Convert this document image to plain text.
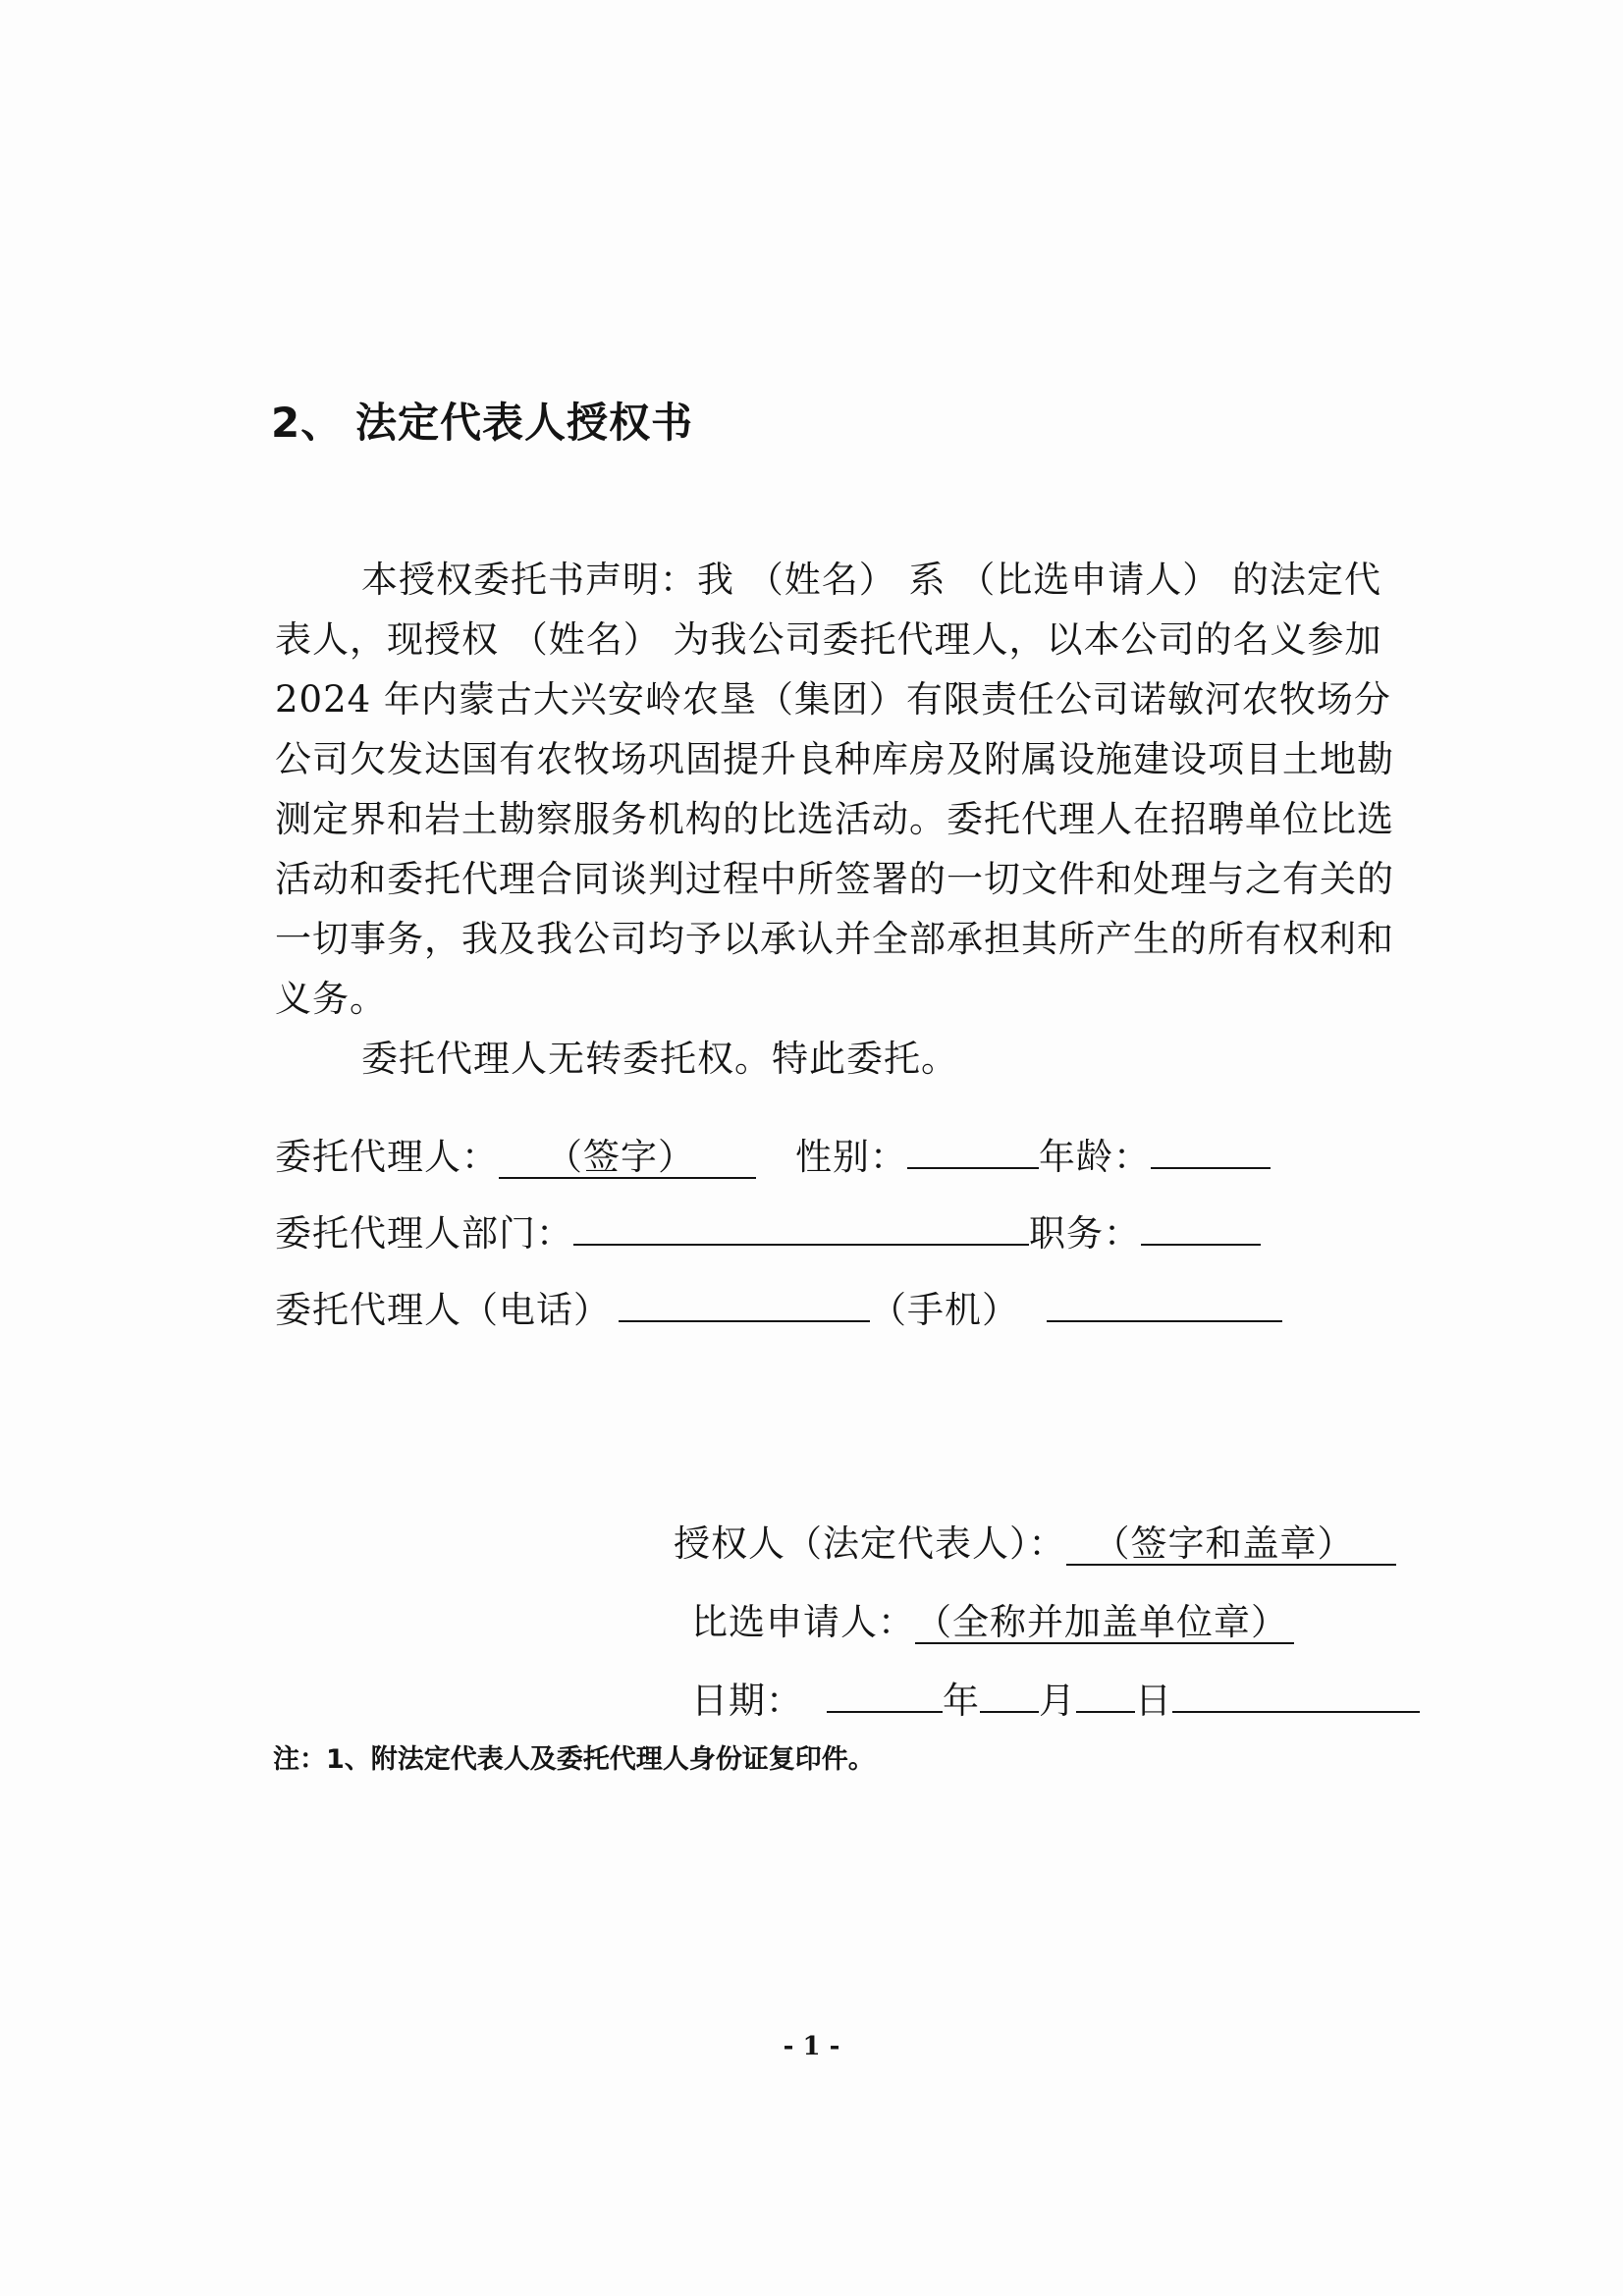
2、 法定代表人授权书

本授权委托书声明：我 （姓名） 系 （比选申请人） 的法定代表人，现授权 （姓名） 为我公司委托代理人，以本公司的名义参加 2024 年内蒙古大兴安岭农垦（集团）有限责任公司诺敏河农牧场分公司欠发达国有农牧场巩固提升良种库房及附属设施建设项目土地勘测定界和岩土勘察服务机构的比选活动。委托代理人在招聘单位比选活动和委托代理合同谈判过程中所签署的一切文件和处理与之有关的一切事务，我及我公司均予以承认并全部承担其所产生的所有权利和义务。

委托代理人无转委托权。特此委托。

委托代理人： （签字）	性别：	年龄：
委托代理人部门：	职务：
委托代理人（电话）	（手机）
授权人（法定代表人）： （签字和盖章）
比选申请人：（全称并加盖单位章）
日期：	年 月 日
注：1、附法定代表人及委托代理人身份证复印件。
- 1 -
